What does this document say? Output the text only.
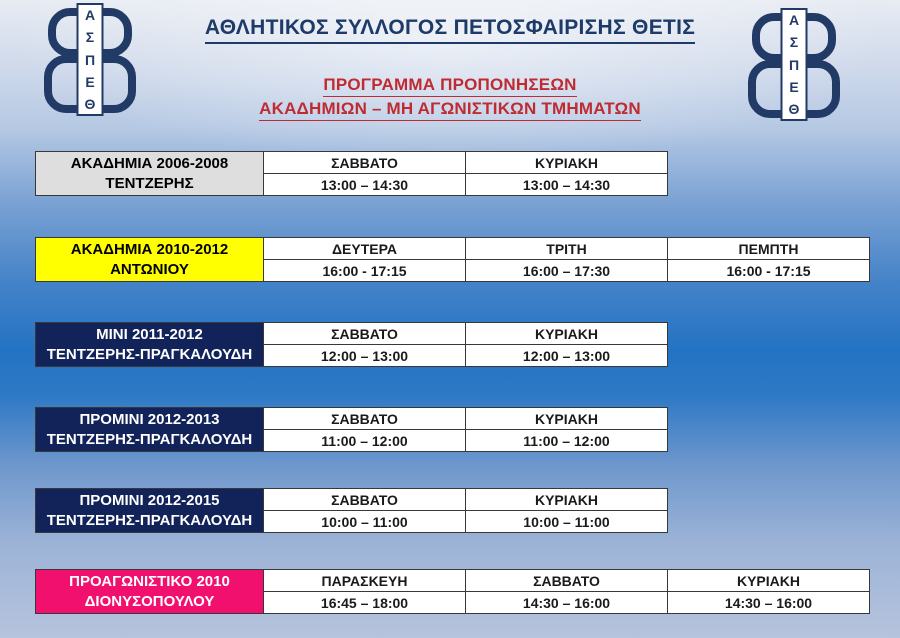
Α
Σ
Π
Ε
Θ
Α
Σ
Π
Ε
Θ
ΑΘΛΗΤΙΚΟΣ ΣΥΛΛΟΓΟΣ ΠΕΤΟΣΦΑΙΡΙΣΗΣ ΘΕΤΙΣ
ΠΡΟΓΡΑΜΜΑ ΠΡΟΠΟΝΗΣΕΩΝ
ΑΚΑΔΗΜΙΩΝ – ΜΗ ΑΓΩΝΙΣΤΙΚΩΝ ΤΜΗΜΑΤΩΝ
ΑΚΑΔΗΜΙΑ 2006-2008
ΤΕΝΤΖΕΡΗΣ	ΣΑΒΒΑΤΟ	ΚΥΡΙΑΚΗ
	13:00 – 14:30	13:00 – 14:30
ΑΚΑΔΗΜΙΑ 2010-2012
ΑΝΤΩΝΙΟΥ	ΔΕΥΤΕΡΑ	ΤΡΙΤΗ	ΠΕΜΠΤΗ
	16:00 - 17:15	16:00 – 17:30	16:00 - 17:15
MINI 2011-2012
ΤΕΝΤΖΕΡΗΣ-ΠΡΑΓΚΑΛΟΥΔΗ	ΣΑΒΒΑΤΟ	ΚΥΡΙΑΚΗ
	12:00 – 13:00	12:00 – 13:00
ΠΡΟΜΙΝΙ 2012-2013
ΤΕΝΤΖΕΡΗΣ-ΠΡΑΓΚΑΛΟΥΔΗ	ΣΑΒΒΑΤΟ	ΚΥΡΙΑΚΗ
	11:00 – 12:00	11:00 – 12:00
ΠΡΟΜΙΝΙ 2012-2015
ΤΕΝΤΖΕΡΗΣ-ΠΡΑΓΚΑΛΟΥΔΗ	ΣΑΒΒΑΤΟ	ΚΥΡΙΑΚΗ
	10:00 – 11:00	10:00 – 11:00
ΠΡΟΑΓΩΝΙΣΤΙΚΟ 2010
ΔΙΟΝΥΣΟΠΟΥΛΟΥ	ΠΑΡΑΣΚΕΥΗ	ΣΑΒΒΑΤΟ	ΚΥΡΙΑΚΗ
	16:45 – 18:00	14:30 – 16:00	14:30 – 16:00
